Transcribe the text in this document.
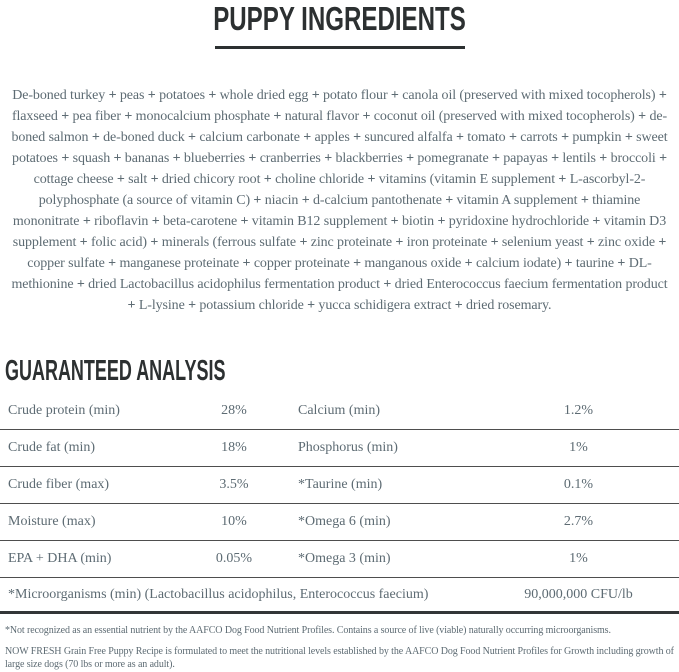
PUPPY INGREDIENTS

De-boned turkey + peas + potatoes + whole dried egg + potato flour + canola oil (preserved with mixed tocopherols) + flaxseed + pea fiber + monocalcium phosphate + natural flavor + coconut oil (preserved with mixed tocopherols) + de-boned salmon + de-boned duck + calcium carbonate + apples + suncured alfalfa + tomato + carrots + pumpkin + sweet potatoes + squash + bananas + blueberries + cranberries + blackberries + pomegranate + papayas + lentils + broccoli + cottage cheese + salt + dried chicory root + choline chloride + vitamins (vitamin E supplement + L-ascorbyl-2-polyphosphate (a source of vitamin C) + niacin + d-calcium pantothenate + vitamin A supplement + thiamine mononitrate + riboflavin + beta-carotene + vitamin B12 supplement + biotin + pyridoxine hydrochloride + vitamin D3 supplement + folic acid) + minerals (ferrous sulfate + zinc proteinate + iron proteinate + selenium yeast + zinc oxide + copper sulfate + manganese proteinate + copper proteinate + manganous oxide + calcium iodate) + taurine + DL-methionine + dried Lactobacillus acidophilus fermentation product + dried Enterococcus faecium fermentation product + L-lysine + potassium chloride + yucca schidigera extract + dried rosemary.

GUARANTEED ANALYSIS
Crude protein (min)	28%	Calcium (min)	1.2%
Crude fat (min)	18%	Phosphorus (min)	1%
Crude fiber (max)	3.5%	*Taurine (min)	0.1%
Moisture (max)	10%	*Omega 6 (min)	2.7%
EPA + DHA (min)	0.05%	*Omega 3 (min)	1%
*Microorganisms (min) (Lactobacillus acidophilus, Enterococcus faecium)	90,000,000 CFU/lb

*Not recognized as an essential nutrient by the AAFCO Dog Food Nutrient Profiles. Contains a source of live (viable) naturally occurring microorganisms.

NOW FRESH Grain Free Puppy Recipe is formulated to meet the nutritional levels established by the AAFCO Dog Food Nutrient Profiles for Growth including growth of large size dogs (70 lbs or more as an adult).
